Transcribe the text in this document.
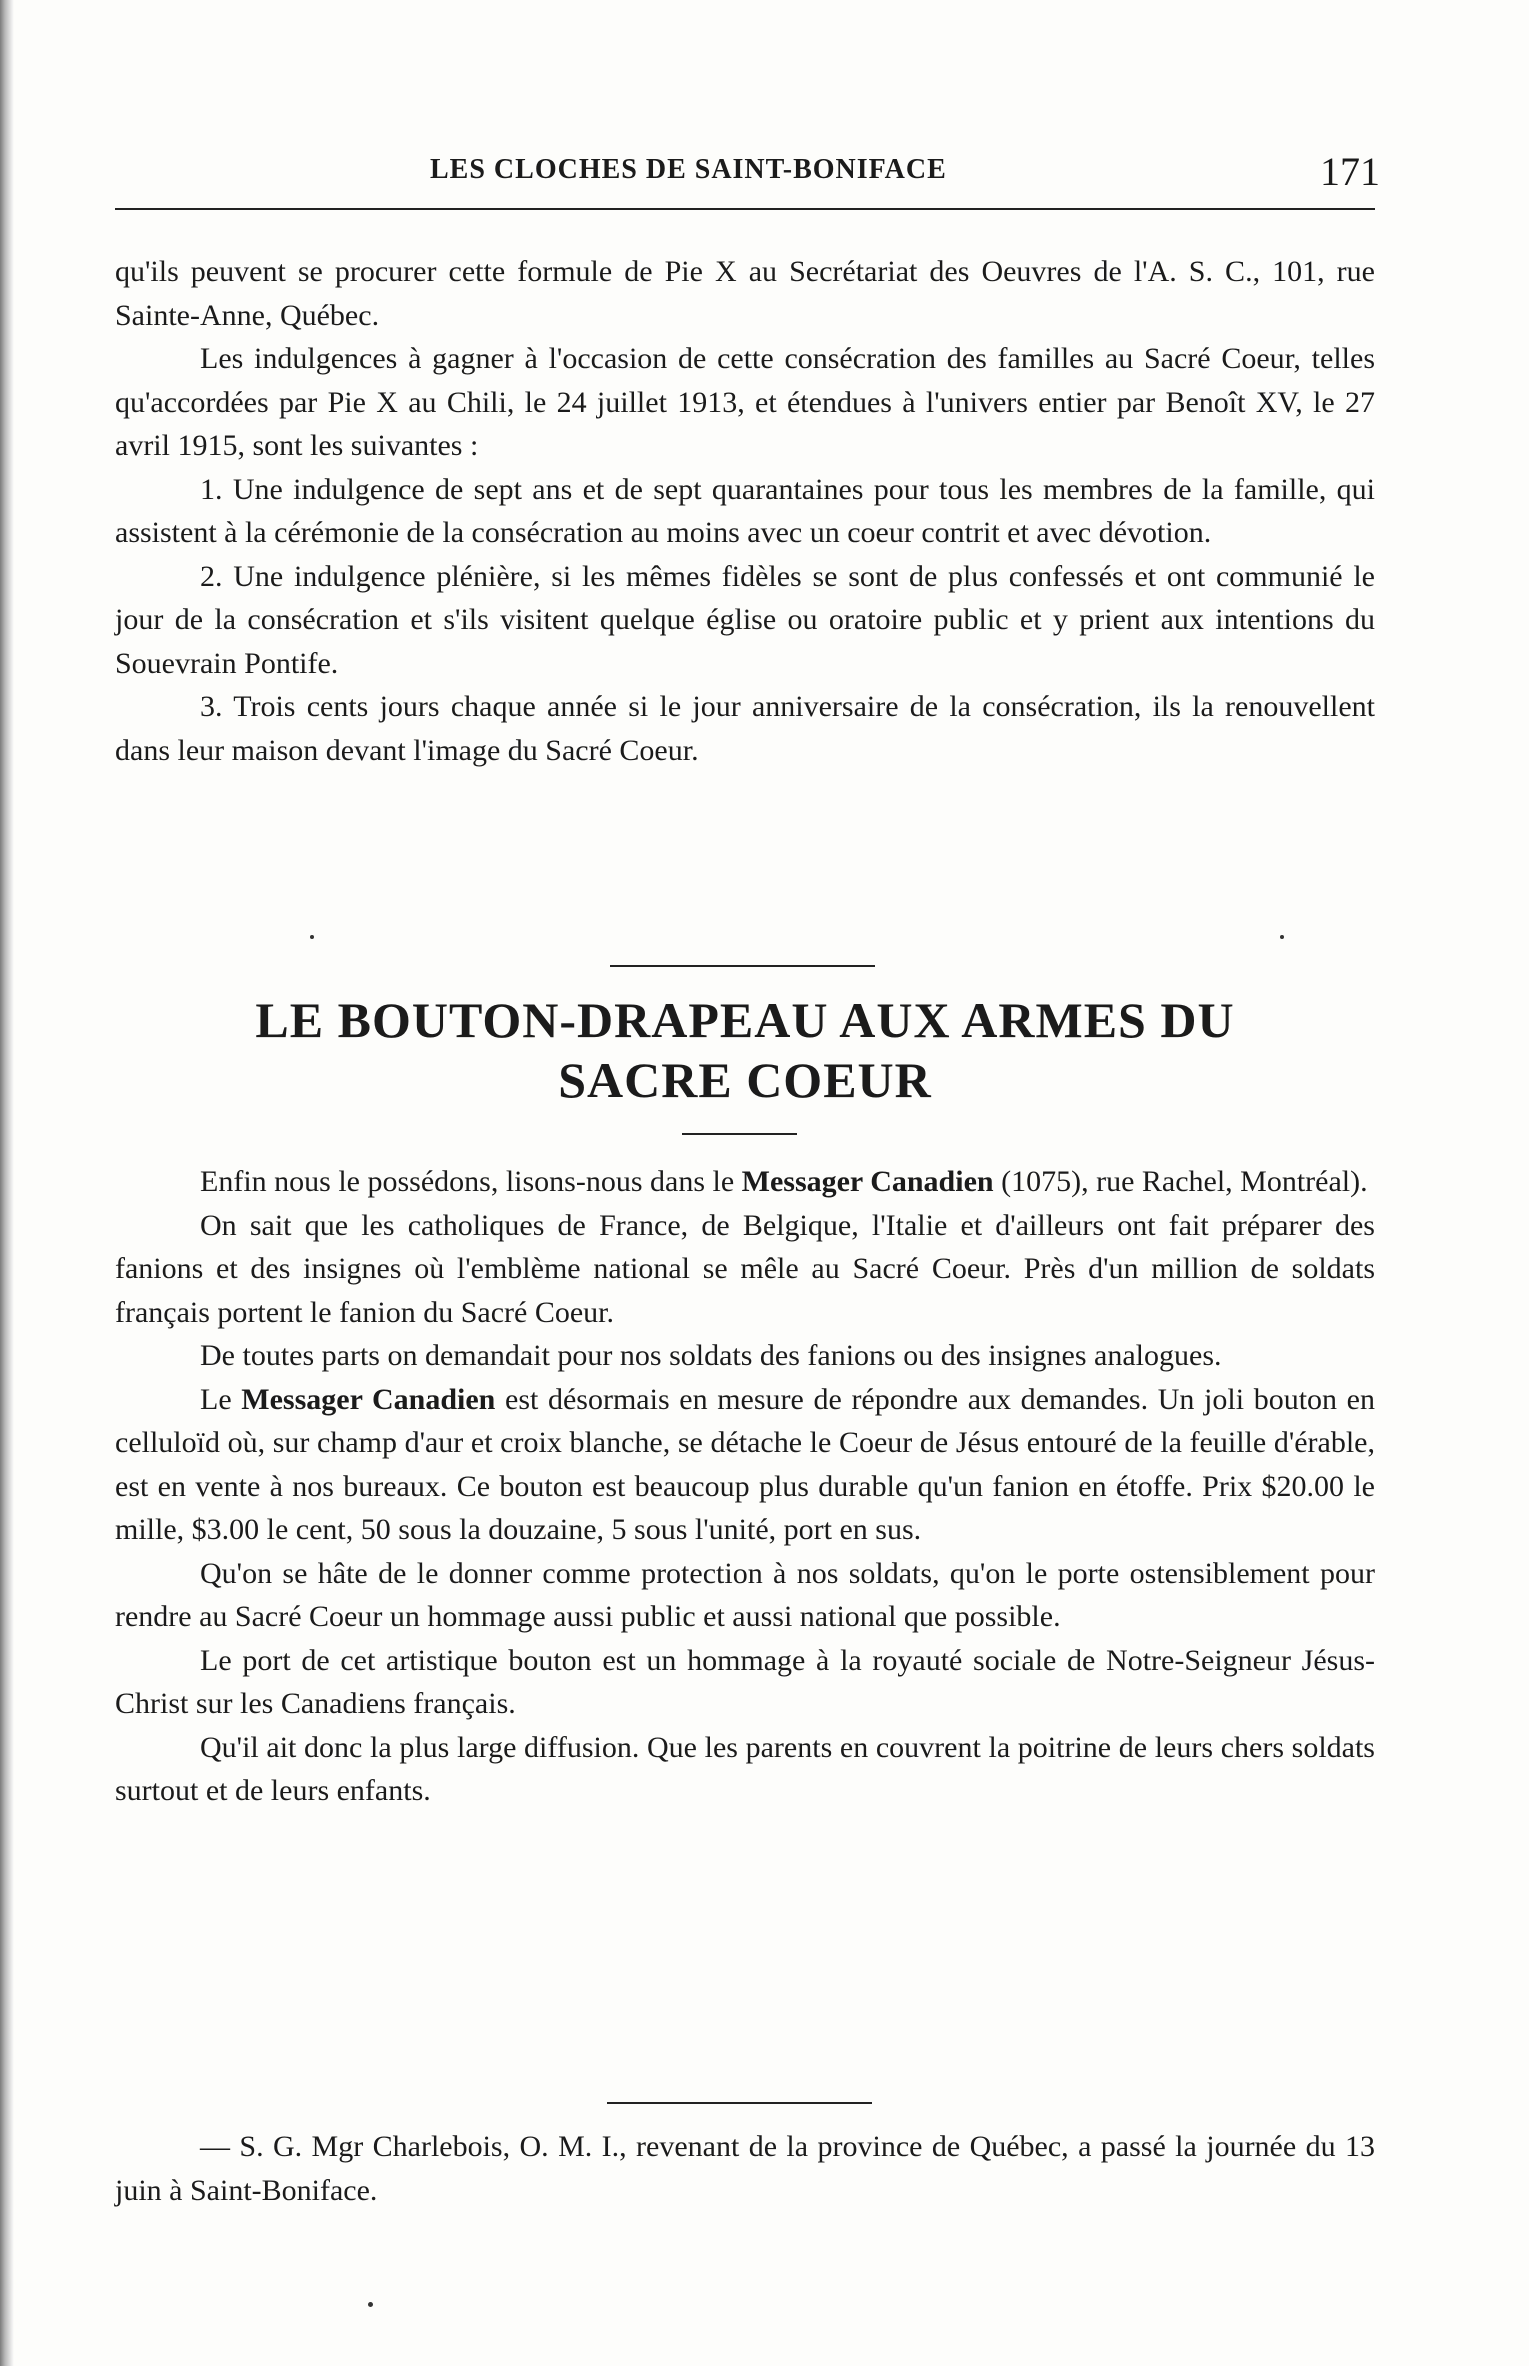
LES CLOCHES DE SAINT-BONIFACE	171

qu'ils peuvent se procurer cette formule de Pie X au Secrétariat des Oeuvres de l'A. S. C., 101, rue Sainte-Anne, Québec.

Les indulgences à gagner à l'occasion de cette consécration des familles au Sacré Coeur, telles qu'accordées par Pie X au Chili, le 24 juillet 1913, et étendues à l'univers entier par Benoît XV, le 27 avril 1915, sont les suivantes :

1. Une indulgence de sept ans et de sept quarantaines pour tous les membres de la famille, qui assistent à la cérémonie de la consécration au moins avec un coeur contrit et avec dévotion.

2. Une indulgence plénière, si les mêmes fidèles se sont de plus confessés et ont communié le jour de la consécration et s'ils visitent quelque église ou oratoire public et y prient aux intentions du Souevrain Pontife.

3. Trois cents jours chaque année si le jour anniversaire de la consécration, ils la renouvellent dans leur maison devant l'image du Sacré Coeur.

LE BOUTON-DRAPEAU AUX ARMES DU
SACRE COEUR

Enfin nous le possédons, lisons-nous dans le Messager Canadien (1075), rue Rachel, Montréal).

On sait que les catholiques de France, de Belgique, l'Italie et d'ailleurs ont fait préparer des fanions et des insignes où l'emblème national se mêle au Sacré Coeur. Près d'un million de soldats français portent le fanion du Sacré Coeur.

De toutes parts on demandait pour nos soldats des fanions ou des insignes analogues.

Le Messager Canadien est désormais en mesure de répondre aux demandes. Un joli bouton en celluloïd où, sur champ d'aur et croix blanche, se détache le Coeur de Jésus entouré de la feuille d'érable, est en vente à nos bureaux. Ce bouton est beaucoup plus durable qu'un fanion en étoffe. Prix $20.00 le mille, $3.00 le cent, 50 sous la douzaine, 5 sous l'unité, port en sus.

Qu'on se hâte de le donner comme protection à nos soldats, qu'on le porte ostensiblement pour rendre au Sacré Coeur un hommage aussi public et aussi national que possible.

Le port de cet artistique bouton est un hommage à la royauté sociale de Notre-Seigneur Jésus-Christ sur les Canadiens français.

Qu'il ait donc la plus large diffusion. Que les parents en couvrent la poitrine de leurs chers soldats surtout et de leurs enfants.

— S. G. Mgr Charlebois, O. M. I., revenant de la province de Québec, a passé la journée du 13 juin à Saint-Boniface.
